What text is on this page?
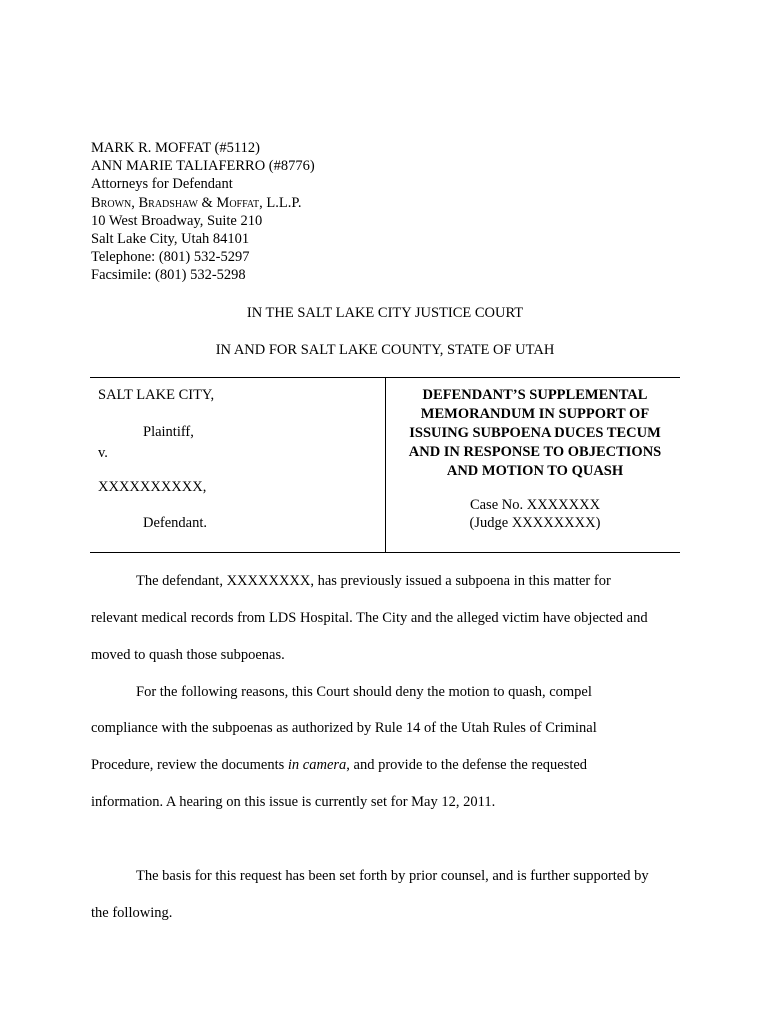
MARK R. MOFFAT (#5112)
ANN MARIE TALIAFERRO (#8776)
Attorneys for Defendant
Brown, Bradshaw & Moffat, L.L.P.
10 West Broadway, Suite 210
Salt Lake City, Utah 84101
Telephone: (801) 532-5297
Facsimile: (801) 532-5298
IN THE SALT LAKE CITY JUSTICE COURT
IN AND FOR SALT LAKE COUNTY, STATE OF UTAH
SALT LAKE CITY,
Plaintiff,
v.
XXXXXXXXXX,
Defendant.
DEFENDANT’S SUPPLEMENTAL
MEMORANDUM IN SUPPORT OF
ISSUING SUBPOENA DUCES TECUM
AND IN RESPONSE TO OBJECTIONS
AND MOTION TO QUASH
Case No. XXXXXXX
(Judge XXXXXXXX)
The defendant, XXXXXXXX, has previously issued a subpoena in this matter for
relevant medical records from LDS Hospital. The City and the alleged victim have objected and
moved to quash those subpoenas.
For the following reasons, this Court should deny the motion to quash, compel
compliance with the subpoenas as authorized by Rule 14 of the Utah Rules of Criminal
Procedure, review the documents in camera, and provide to the defense the requested
information. A hearing on this issue is currently set for May 12, 2011.
The basis for this request has been set forth by prior counsel, and is further supported by
the following.
